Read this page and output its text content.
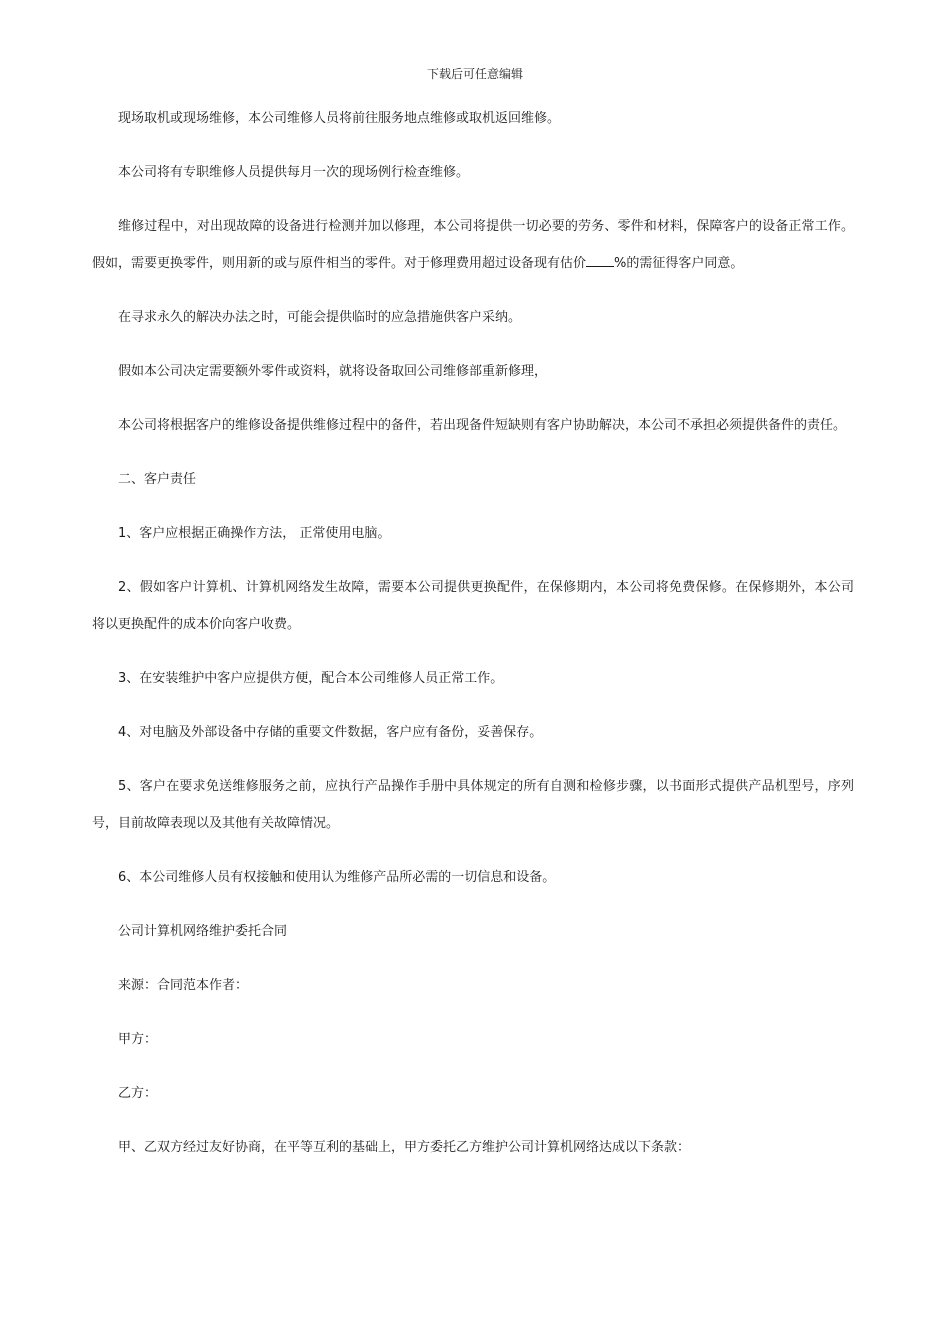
下载后可任意编辑

现场取机或现场维修，本公司维修人员将前往服务地点维修或取机返回维修。

本公司将有专职维修人员提供每月一次的现场例行检查维修。

维修过程中，对出现故障的设备进行检测并加以修理，本公司将提供一切必要的劳务、零件和材料，保障客户的设备正常工作。假如，需要更换零件，则用新的或与原件相当的零件。对于修理费用超过设备现有估价 %的需征得客户同意。

在寻求永久的解决办法之时，可能会提供临时的应急措施供客户采纳。

假如本公司决定需要额外零件或资料，就将设备取回公司维修部重新修理，

本公司将根据客户的维修设备提供维修过程中的备件，若出现备件短缺则有客户协助解决，本公司不承担必须提供备件的责任。

二、客户责任

1、客户应根据正确操作方法， 正常使用电脑。

2、假如客户计算机、计算机网络发生故障，需要本公司提供更换配件，在保修期内，本公司将免费保修。在保修期外，本公司将以更换配件的成本价向客户收费。

3、在安装维护中客户应提供方便，配合本公司维修人员正常工作。

4、对电脑及外部设备中存储的重要文件数据，客户应有备份，妥善保存。

5、客户在要求免送维修服务之前，应执行产品操作手册中具体规定的所有自测和检修步骤，以书面形式提供产品机型号，序列号，目前故障表现以及其他有关故障情况。

6、本公司维修人员有权接触和使用认为维修产品所必需的一切信息和设备。

公司计算机网络维护委托合同

来源：合同范本作者：

甲方：

乙方：

甲、乙双方经过友好协商，在平等互利的基础上，甲方委托乙方维护公司计算机网络达成以下条款：
